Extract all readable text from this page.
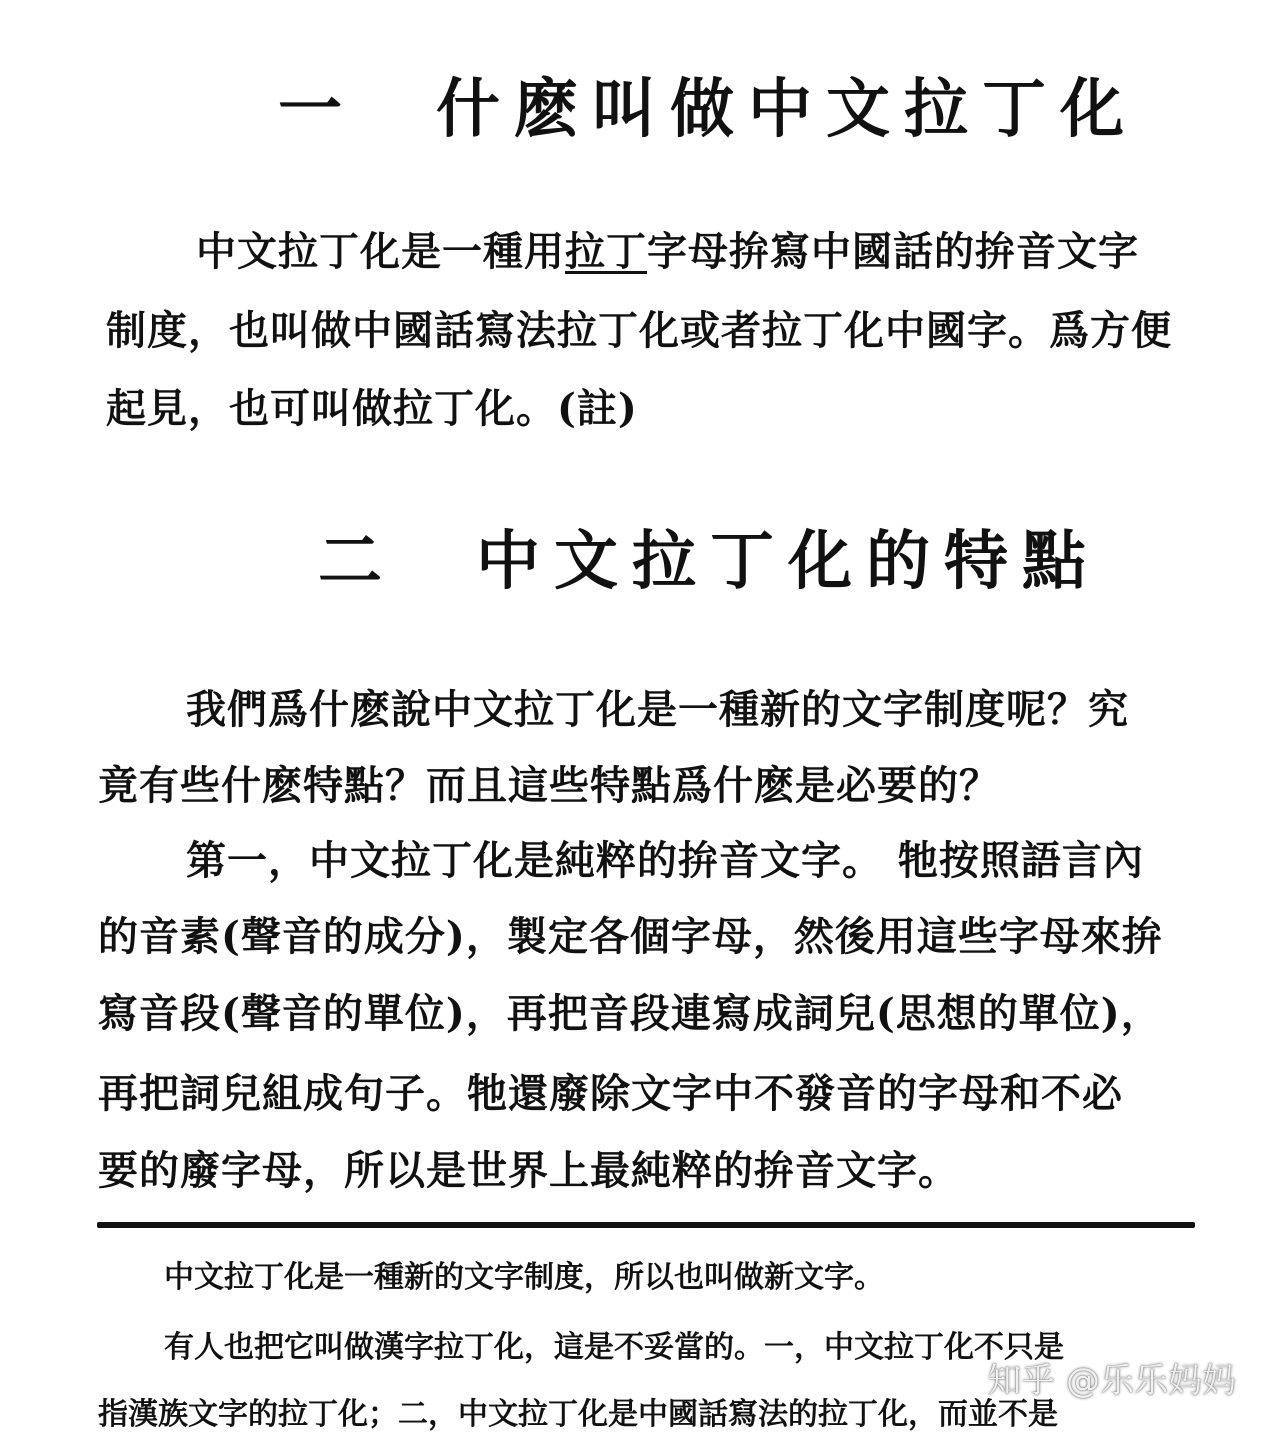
一 什麽叫做中文拉丁化
中文拉丁化是一種用拉丁字母拚寫中國話的拚音文字
制度，也叫做中國話寫法拉丁化或者拉丁化中國字。爲方便
起見，也可叫做拉丁化。(註)
二 中文拉丁化的特點
我們爲什麽說中文拉丁化是一種新的文字制度呢？究
竟有些什麽特點？而且這些特點爲什麽是必要的？
第一，中文拉丁化是純粹的拚音文字。 牠按照語言內
的音素(聲音的成分)，製定各個字母，然後用這些字母來拚
寫音段(聲音的單位)，再把音段連寫成詞兒(思想的單位)，
再把詞兒組成句子。牠還廢除文字中不發音的字母和不必
要的廢字母，所以是世界上最純粹的拚音文字。
中文拉丁化是一種新的文字制度，所以也叫做新文字。
有人也把它叫做漢字拉丁化，這是不妥當的。一，中文拉丁化不只是
指漢族文字的拉丁化；二，中文拉丁化是中國話寫法的拉丁化，而並不是
知乎 @乐乐妈妈
